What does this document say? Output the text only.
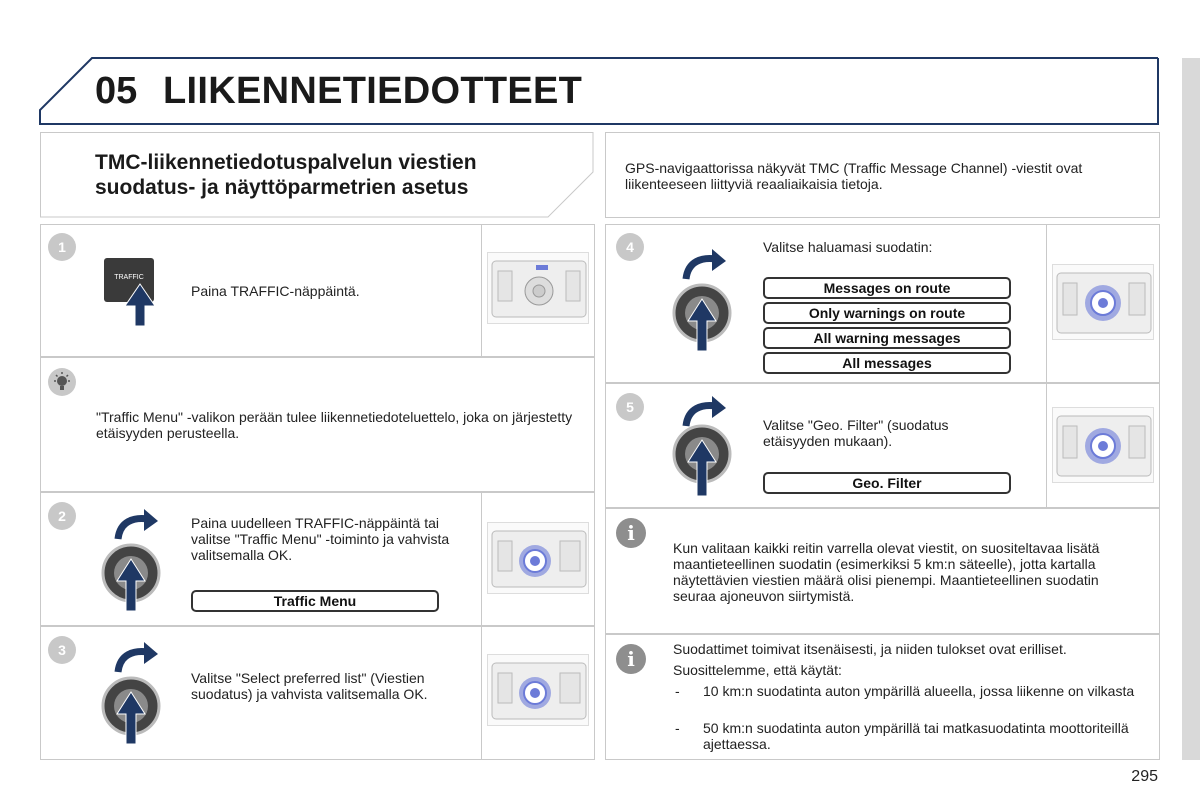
05 LIIKENNETIEDOTTEET
TMC-liikennetiedotuspalvelun viestien suodatus- ja näyttöparmetrien asetus
GPS-navigaattorissa näkyvät TMC (Traffic Message Channel) -viestit ovat liikenteeseen liittyviä reaaliaikaisia tietoja.
1
TRAFFIC
Paina TRAFFIC-näppäintä.
"Traffic Menu" -valikon perään tulee liikennetiedoteluettelo, joka on järjestetty etäisyyden perusteella.
2	Paina uudelleen TRAFFIC-näppäintä tai valitse "Traffic Menu" -toiminto ja vahvista valitsemalla OK.
Traffic Menu
3
Valitse "Select preferred list" (Viestien suodatus) ja vahvista valitsemalla OK.
4	Valitse haluamasi suodatin:
Messages on route
Only warnings on route
All warning messages
All messages
5
Valitse "Geo. Filter" (suodatus etäisyyden mukaan).
Geo. Filter
i
Kun valitaan kaikki reitin varrella olevat viestit, on suositeltavaa lisätä maantieteellinen suodatin (esimerkiksi 5 km:n säteelle), jotta kartalla näytettävien viestien määrä olisi pienempi. Maantieteellinen suodatin seuraa ajoneuvon siirtymistä.
i	Suodattimet toimivat itsenäisesti, ja niiden tulokset ovat erilliset.
Suosittelemme, että käytät:
- 10 km:n suodatinta auton ympärillä alueella, jossa liikenne on vilkasta
- 50 km:n suodatinta auton ympärillä tai matkasuodatinta moottoriteillä ajettaessa.
295
